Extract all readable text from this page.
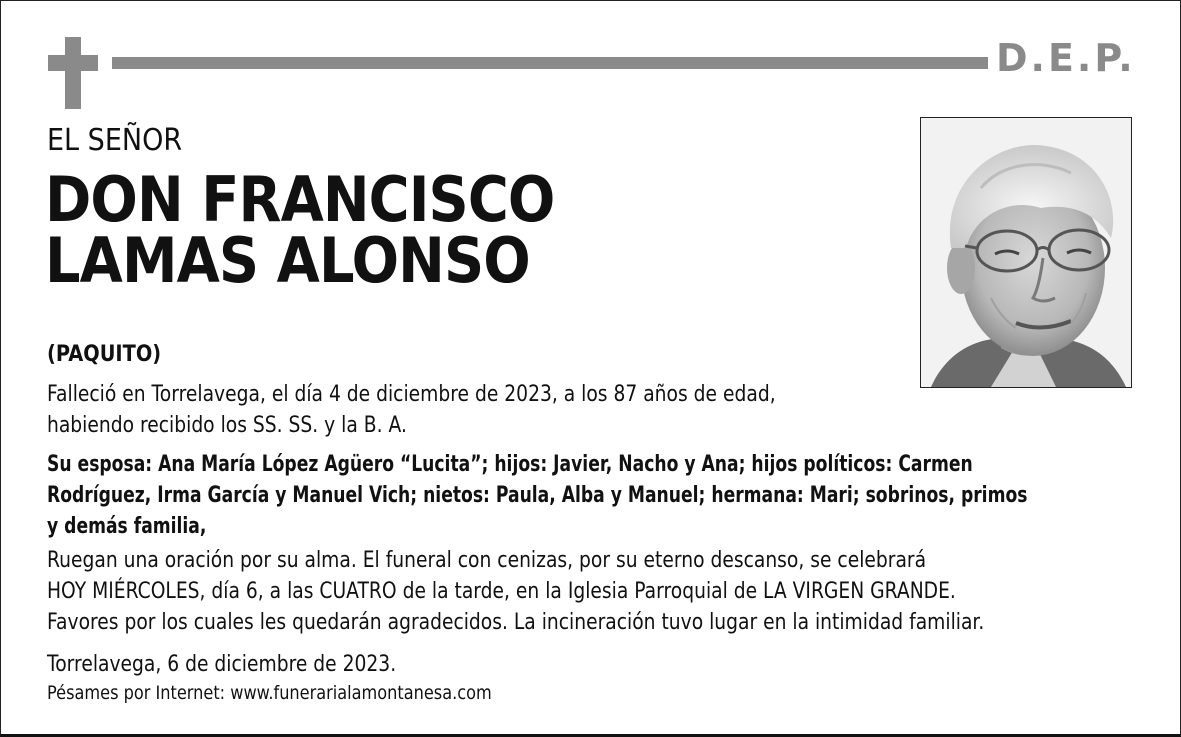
D.E.P.
EL SEÑOR
DON FRANCISCO
LAMAS ALONSO
(PAQUITO)
Falleció en Torrelavega, el día 4 de diciembre de 2023, a los 87 años de edad,
habiendo recibido los SS. SS. y la B. A.
Su esposa: Ana María López Agüero “Lucita”; hijos: Javier, Nacho y Ana; hijos políticos: Carmen
Rodríguez, Irma García y Manuel Vich; nietos: Paula, Alba y Manuel; hermana: Mari; sobrinos, primos
y demás familia,
Ruegan una oración por su alma. El funeral con cenizas, por su eterno descanso, se celebrará
HOY MIÉRCOLES, día 6, a las CUATRO de la tarde, en la Iglesia Parroquial de LA VIRGEN GRANDE.
Favores por los cuales les quedarán agradecidos. La incineración tuvo lugar en la intimidad familiar.
Torrelavega, 6 de diciembre de 2023.
Pésames por Internet: www.funerarialamontanesa.com
